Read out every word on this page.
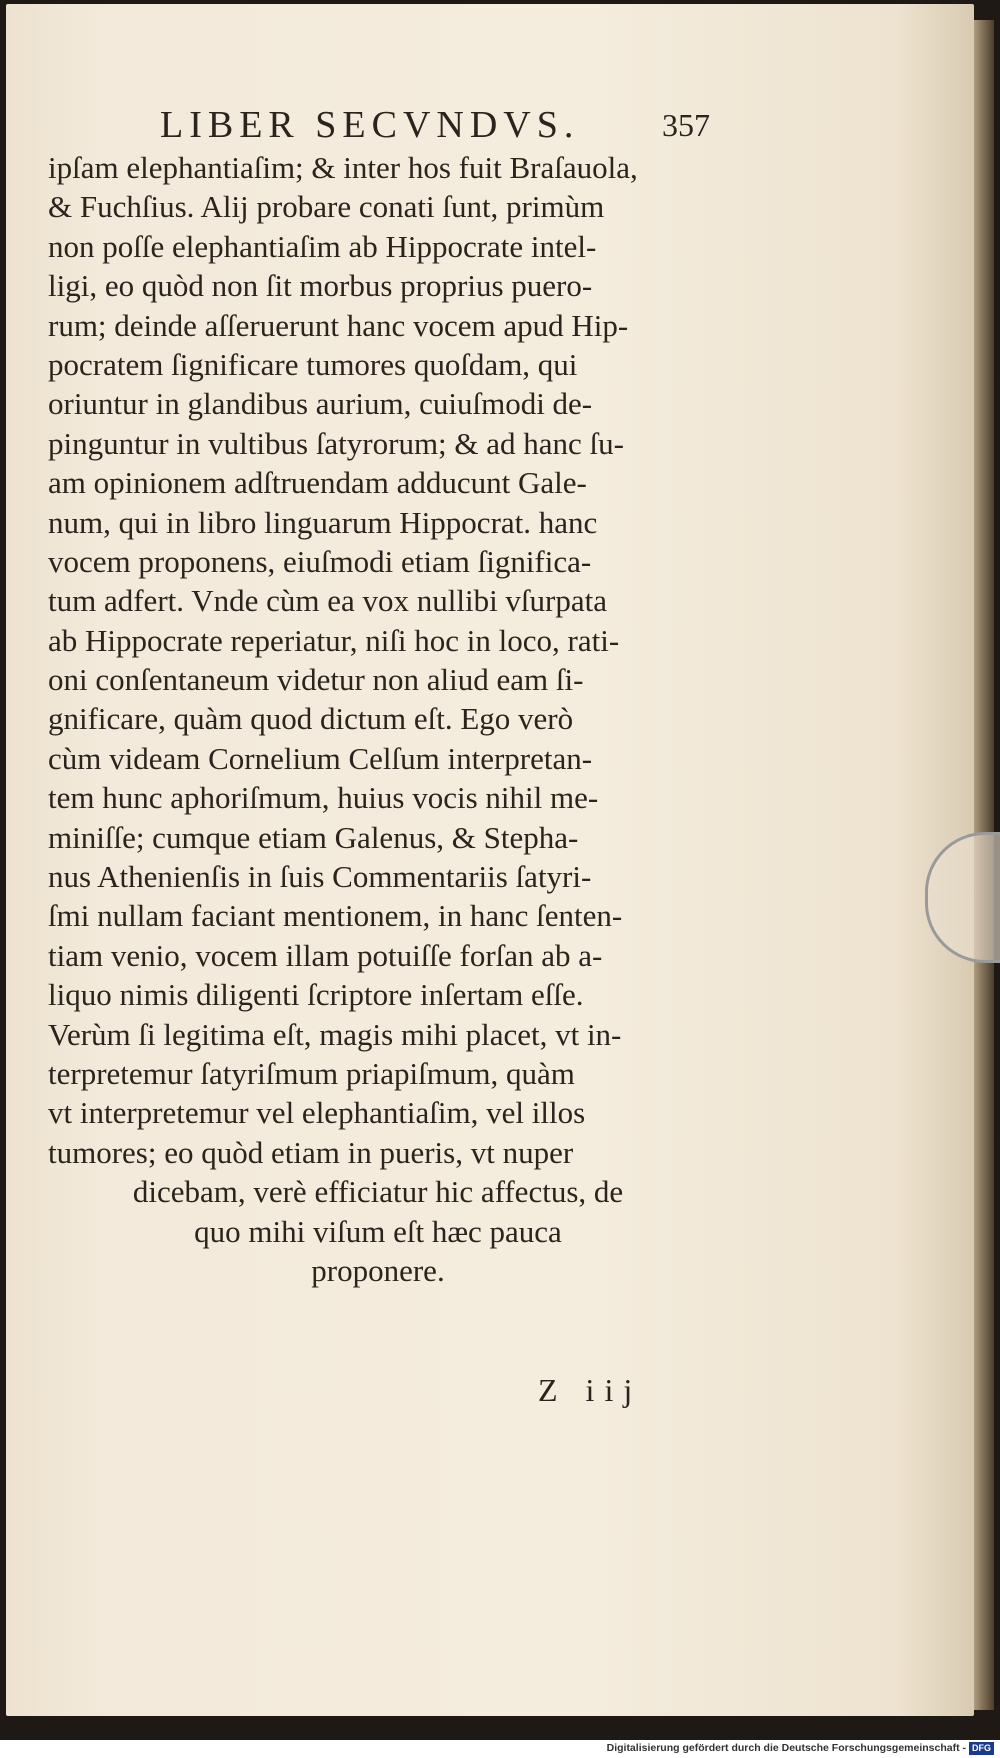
LIBER SECVNDVS.	357
ipſam elephantiaſim; & inter hos fuit Braſauola,
& Fuchſius. Alij probare conati ſunt, primùm
non poſſe elephantiaſim ab Hippocrate intel-
ligi, eo quòd non ſit morbus proprius puero-
rum; deinde aſſeruerunt hanc vocem apud Hip-
pocratem ſignificare tumores quoſdam, qui
oriuntur in glandibus aurium, cuiuſmodi de-
pinguntur in vultibus ſatyrorum; & ad hanc ſu-
am opinionem adſtruendam adducunt Gale-
num, qui in libro linguarum Hippocrat. hanc
vocem proponens, eiuſmodi etiam ſignifica-
tum adfert. Vnde cùm ea vox nullibi vſurpata
ab Hippocrate reperiatur, niſi hoc in loco, rati-
oni conſentaneum videtur non aliud eam ſi-
gnificare, quàm quod dictum eſt. Ego verò
cùm videam Cornelium Celſum interpretan-
tem hunc aphoriſmum, huius vocis nihil me-
miniſſe; cumque etiam Galenus, & Stepha-
nus Athenienſis in ſuis Commentariis ſatyri-
ſmi nullam faciant mentionem, in hanc ſenten-
tiam venio, vocem illam potuiſſe forſan ab a-
liquo nimis diligenti ſcriptore inſertam eſſe.
Verùm ſi legitima eſt, magis mihi placet, vt in-
terpretemur ſatyriſmum priapiſmum, quàm
vt interpretemur vel elephantiaſim, vel illos
tumores; eo quòd etiam in pueris, vt nuper
dicebam, verè efficiatur hic affectus, de
quo mihi viſum eſt hæc pauca
proponere.
Z iij
Digitalisierung gefördert durch die Deutsche Forschungsgemeinschaft - DFG
